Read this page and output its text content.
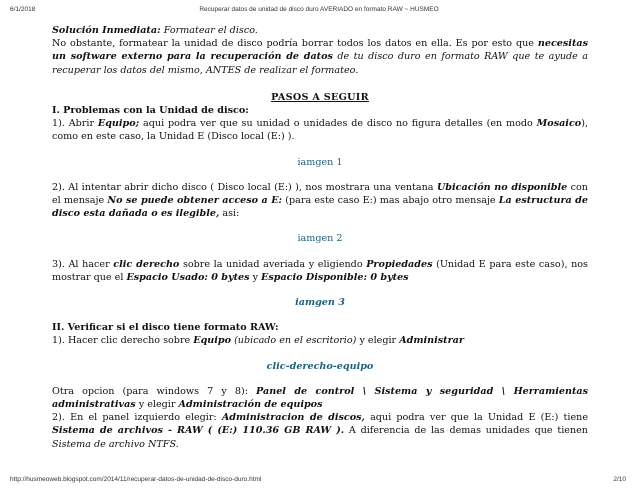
6/1/2018	Recuperar datos de unidad de disco duro AVERIADO en formato RAW ~ HUSMEO

Solución Inmediata: Formatear el disco.

No obstante, formatear la unidad de disco podría borrar todos los datos en ella. Es por esto que necesitas un software externo para la recuperación de datos de tu disco duro en formato RAW que te ayude a recuperar los datos del mismo, ANTES de realizar el formateo.

PASOS A SEGUIR

I. Problemas con la Unidad de disco:

1). Abrir Equipo; aqui podra ver que su unidad o unidades de disco no figura detalles (en modo Mosaico), como en este caso, la Unidad E (Disco local (E:) ).

iamgen 1

2). Al intentar abrir dicho disco ( Disco local (E:) ), nos mostrara una ventana Ubicación no disponible con el mensaje No se puede obtener acceso a E: (para este caso E:) mas abajo otro mensaje La estructura de disco esta dañada o es ilegible, asi:

iamgen 2

3). Al hacer clic derecho sobre la unidad averiada y eligiendo Propiedades (Unidad E para este caso), nos mostrar que el Espacio Usado: 0 bytes y Espacio Disponible: 0 bytes

iamgen 3

II. Verificar si el disco tiene formato RAW:

1). Hacer clic derecho sobre Equipo (ubicado en el escritorio) y elegir Administrar

clic-derecho-equipo

Otra opcion (para windows 7 y 8): Panel de control \ Sistema y seguridad \ Herramientas administrativas y elegir Administración de equipos

2). En el panel izquierdo elegir: Administracion de discos, aqui podra ver que la Unidad E (E:) tiene Sistema de archivos - RAW ( (E:) 110.36 GB RAW ). A diferencia de las demas unidades que tienen Sistema de archivo NTFS.

http://husmeoweb.blogspot.com/2014/11/recuperar-datos-de-unidad-de-disco-duro.html	2/10
